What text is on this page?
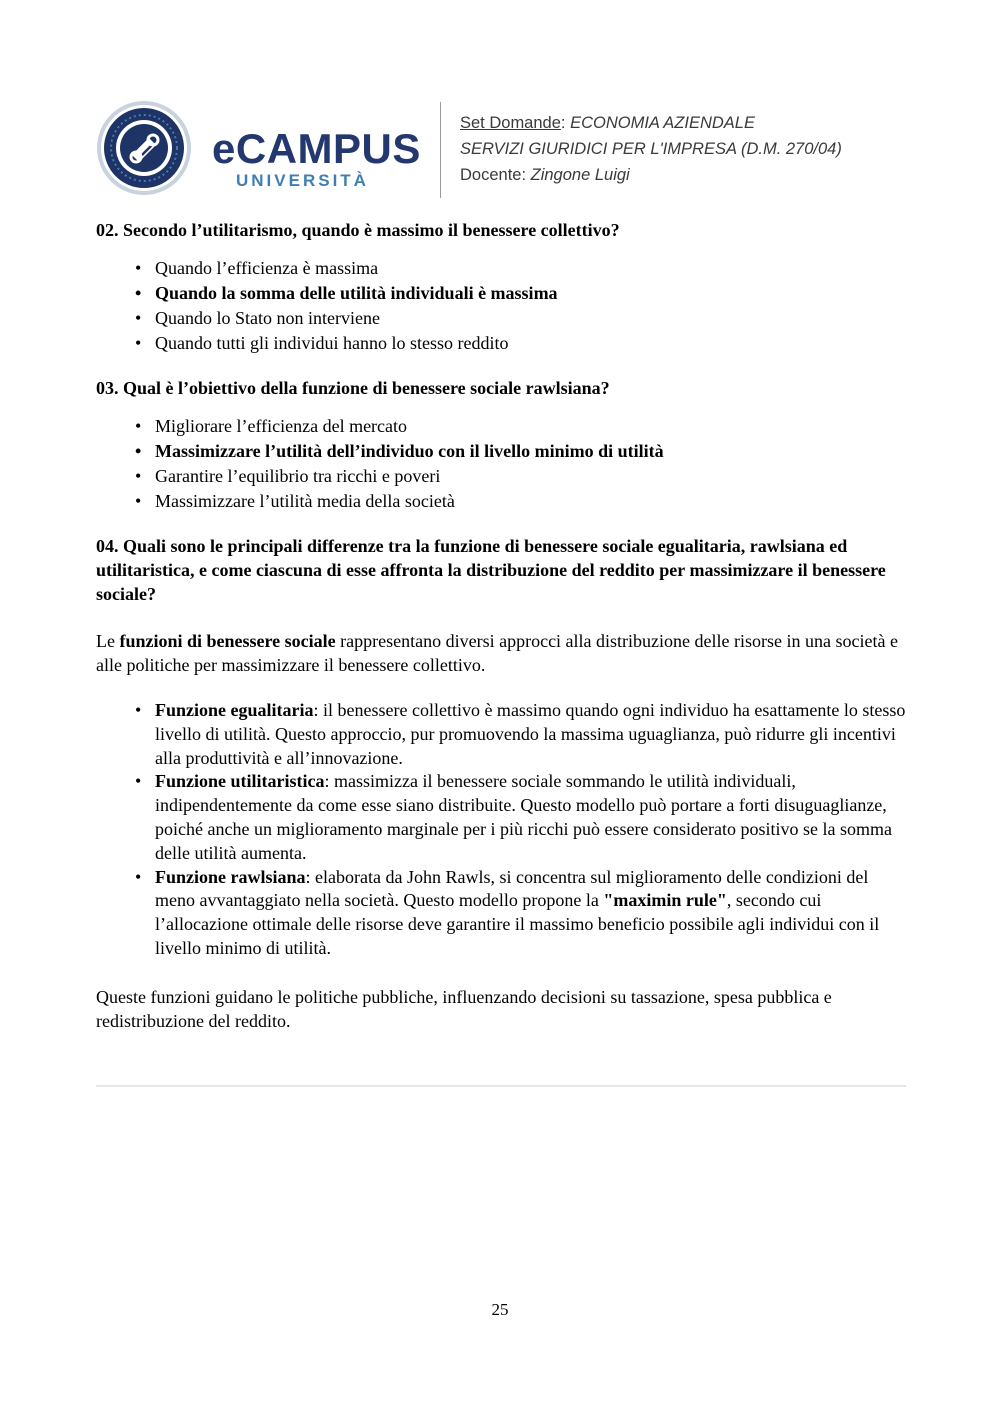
eCAMPUS
UNIVERSITÀ
Set Domande: ECONOMIA AZIENDALE
SERVIZI GIURIDICI PER L'IMPRESA (D.M. 270/04)
Docente: Zingone Luigi

02. Secondo l’utilitarismo, quando è massimo il benessere collettivo?

• Quando l’efficienza è massima
• Quando la somma delle utilità individuali è massima
• Quando lo Stato non interviene
• Quando tutti gli individui hanno lo stesso reddito

03. Qual è l’obiettivo della funzione di benessere sociale rawlsiana?

• Migliorare l’efficienza del mercato
• Massimizzare l’utilità dell’individuo con il livello minimo di utilità
• Garantire l’equilibrio tra ricchi e poveri
• Massimizzare l’utilità media della società

04. Quali sono le principali differenze tra la funzione di benessere sociale egualitaria, rawlsiana ed utilitaristica, e come ciascuna di esse affronta la distribuzione del reddito per massimizzare il benessere sociale?

Le funzioni di benessere sociale rappresentano diversi approcci alla distribuzione delle risorse in una società e alle politiche per massimizzare il benessere collettivo.

• Funzione egualitaria: il benessere collettivo è massimo quando ogni individuo ha esattamente lo stesso livello di utilità. Questo approccio, pur promuovendo la massima uguaglianza, può ridurre gli incentivi alla produttività e all’innovazione.
• Funzione utilitaristica: massimizza il benessere sociale sommando le utilità individuali, indipendentemente da come esse siano distribuite. Questo modello può portare a forti disuguaglianze, poiché anche un miglioramento marginale per i più ricchi può essere considerato positivo se la somma delle utilità aumenta.
• Funzione rawlsiana: elaborata da John Rawls, si concentra sul miglioramento delle condizioni del meno avvantaggiato nella società. Questo modello propone la "maximin rule", secondo cui l’allocazione ottimale delle risorse deve garantire il massimo beneficio possibile agli individui con il livello minimo di utilità.

Queste funzioni guidano le politiche pubbliche, influenzando decisioni su tassazione, spesa pubblica e redistribuzione del reddito.

25
